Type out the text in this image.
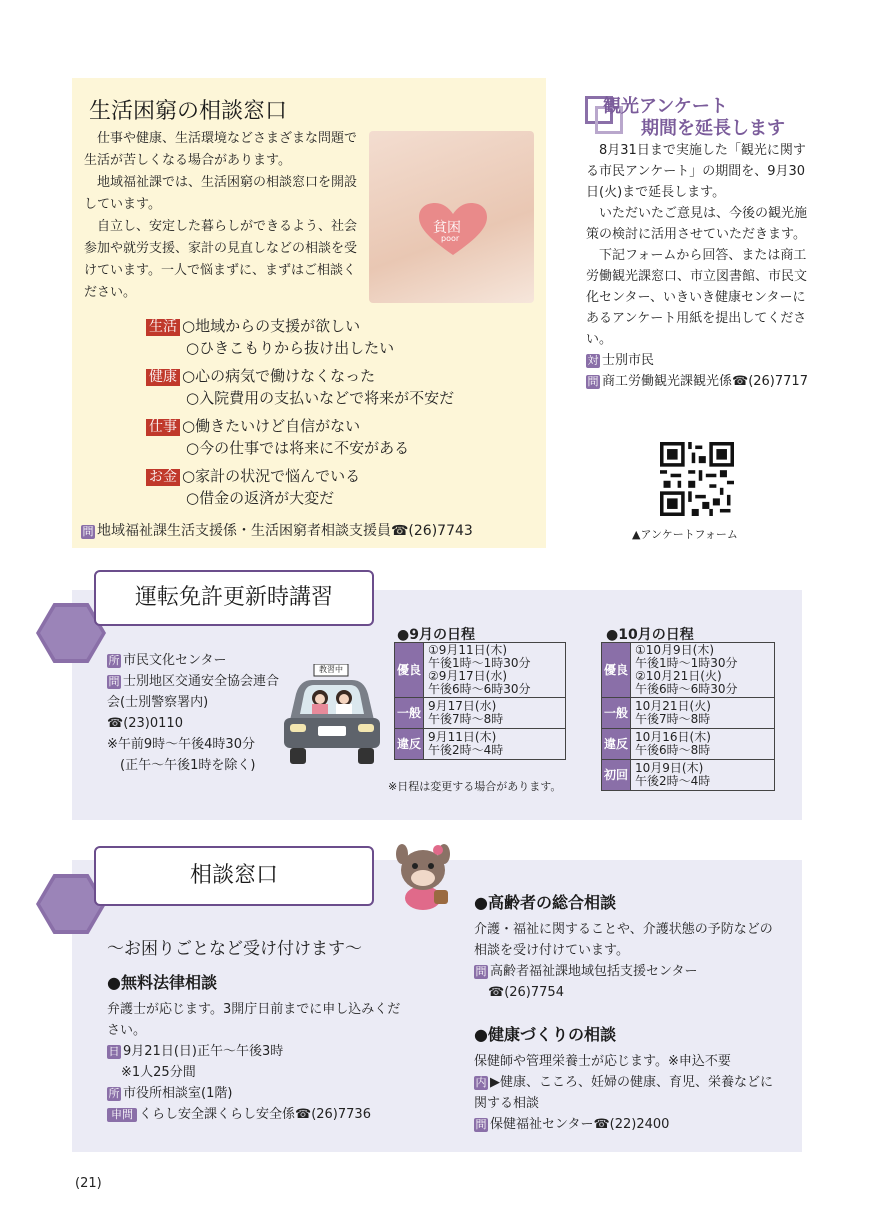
生活困窮の相談窓口

仕事や健康、生活環境などさまざまな問題で生活が苦しくなる場合があります。

地域福祉課では、生活困窮の相談窓口を開設しています。

自立し、安定した暮らしができるよう、社会参加や就労支援、家計の見直しなどの相談を受けています。一人で悩まずに、まずはご相談ください。

貧困
poor
生活 ○地域からの支援が欲しい
○ひきこもりから抜け出したい
健康 ○心の病気で働けなくなった
○入院費用の支払いなどで将来が不安だ
仕事 ○働きたいけど自信がない
○今の仕事では将来に不安がある
お金 ○家計の状況で悩んでいる
○借金の返済が大変だ
問 地域福祉課生活支援係・生活困窮者相談支援員☎(26)7743
観光アンケート
期間を延長します

8月31日まで実施した「観光に関する市民アンケート」の期間を、9月30日(火)まで延長します。

いただいたご意見は、今後の観光施策の検討に活用させていただきます。

下記フォームから回答、または商工労働観光課窓口、市立図書館、市民文化センター、いきいき健康センターにあるアンケート用紙を提出してください。

対 士別市民
問 商工労働観光課観光係☎(26)7717
▲アンケートフォーム
運転免許更新時講習
所 市民文化センター
問 士別地区交通安全協会連合会(士別警察署内)
☎(23)0110
※午前9時〜午後4時30分
(正午〜午後1時を除く)
教習中
●9月の日程
優良	①9月11日(木)
午後1時〜1時30分
②9月17日(水)
午後6時〜6時30分

一般	9月17日(水)
午後7時〜8時

違反	9月11日(木)
午後2時〜4時
※日程は変更する場合があります。
●10月の日程
優良	①10月9日(木)
午後1時〜1時30分
②10月21日(火)
午後6時〜6時30分

一般	10月21日(火)
午後7時〜8時

違反	10月16日(木)
午後6時〜8時

初回	10月9日(木)
午後2時〜4時
相談窓口
〜お困りごとなど受け付けます〜
●無料法律相談
弁護士が応じます。3開庁日前までに申し込みください。
日 9月21日(日)正午〜午後3時
※1人25分間
所 市役所相談室(1階)
申問 くらし安全課くらし安全係☎(26)7736
●高齢者の総合相談
介護・福祉に関することや、介護状態の予防などの相談を受け付けています。
問 高齢者福祉課地域包括支援センター
☎(26)7754
●健康づくりの相談
保健師や管理栄養士が応じます。※申込不要
内 ▶健康、こころ、妊婦の健康、育児、栄養などに関する相談
問 保健福祉センター☎(22)2400
(21)
